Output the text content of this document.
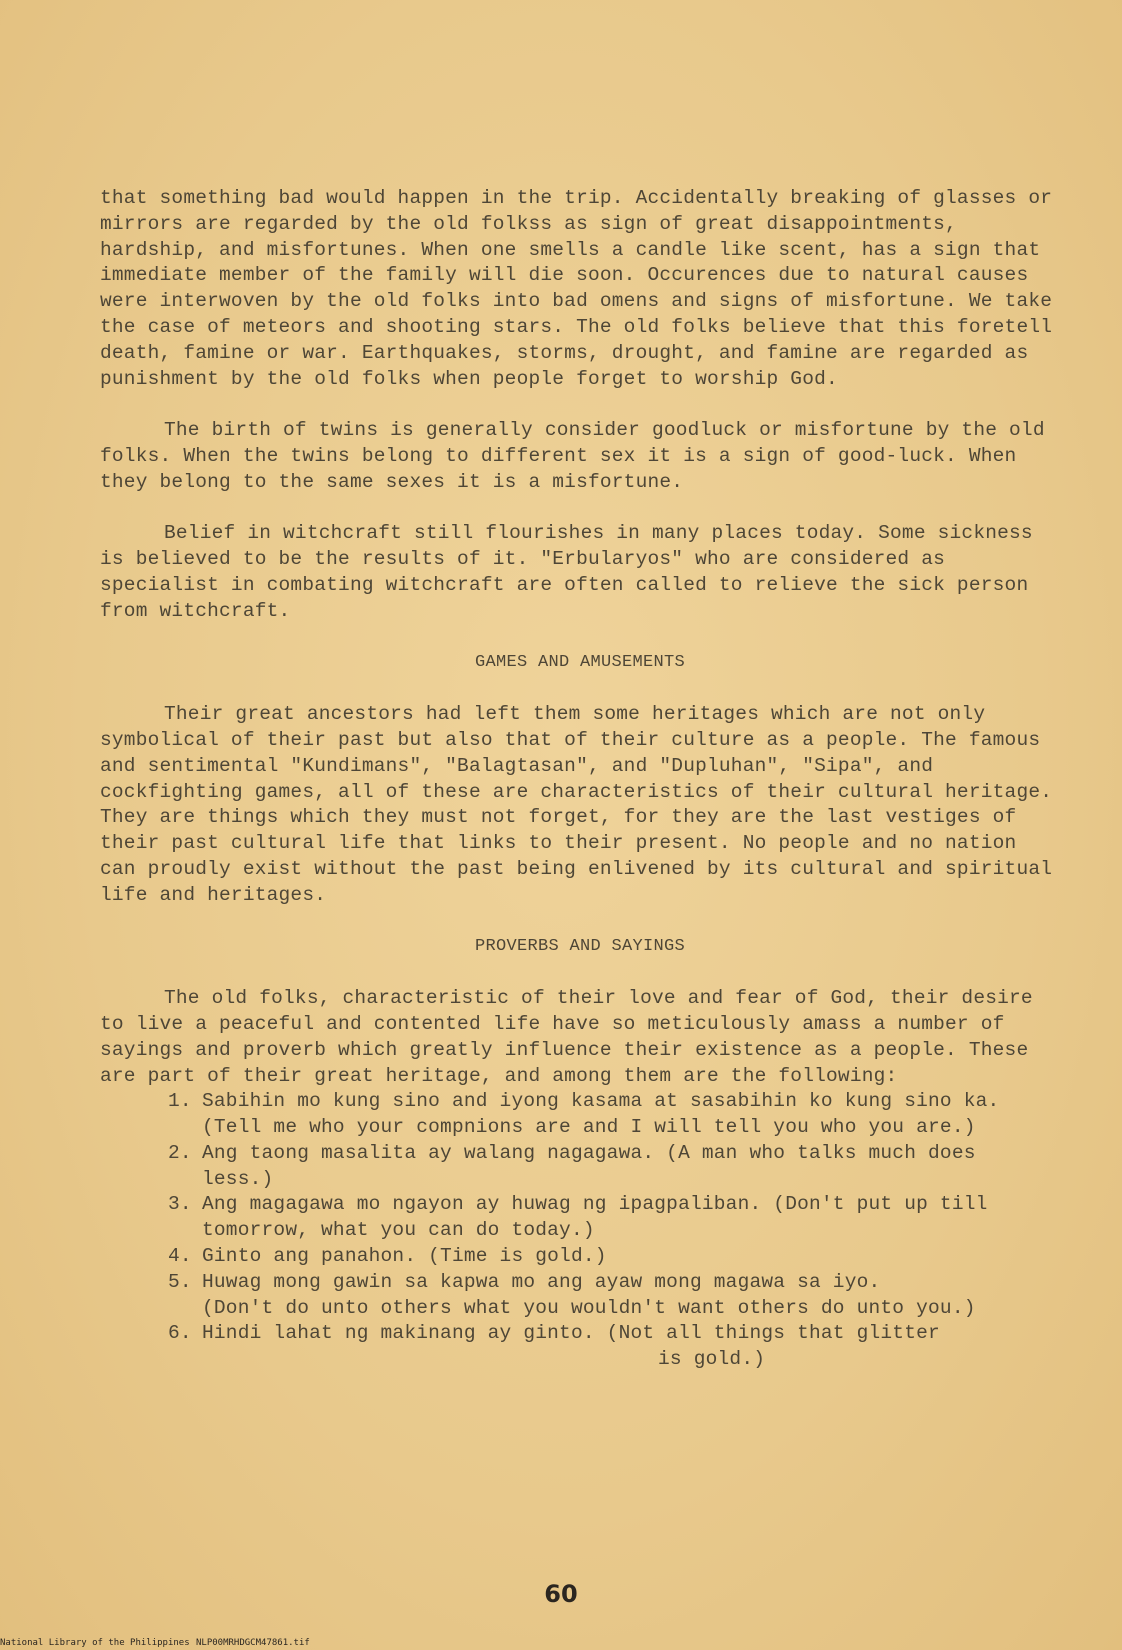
that something bad would happen in the trip. Accidentally breaking of glasses or mirrors are regarded by the old folkss as sign of great disappointments, hardship, and misfortunes. When one smells a candle like scent, has a sign that immediate member of the family will die soon. Occurences due to natural causes were interwoven by the old folks into bad omens and signs of misfortune. We take the case of meteors and shooting stars. The old folks believe that this foretell death, famine or war. Earthquakes, storms, drought, and famine are regarded as punishment by the old folks when people forget to worship God.

The birth of twins is generally consider goodluck or misfortune by the old folks. When the twins belong to different sex it is a sign of good-luck. When they belong to the same sexes it is a misfortune.

Belief in witchcraft still flourishes in many places today. Some sickness is believed to be the results of it. "Erbularyos" who are considered as specialist in combating witchcraft are often called to relieve the sick person from witchcraft.

GAMES AND AMUSEMENTS

Their great ancestors had left them some heritages which are not only symbolical of their past but also that of their culture as a people. The famous and sentimental "Kundimans", "Balagtasan", and "Dupluhan", "Sipa", and cockfighting games, all of these are characteristics of their cultural heritage. They are things which they must not forget, for they are the last vestiges of their past cultural life that links to their present. No people and no nation can proudly exist without the past being enlivened by its cultural and spiritual life and heritages.

PROVERBS AND SAYINGS

The old folks, characteristic of their love and fear of God, their desire to live a peaceful and contented life have so meticulously amass a number of sayings and proverb which greatly influence their existence as a people. These are part of their great heritage, and among them are the following:

1. Sabihin mo kung sino and iyong kasama at sasabihin ko kung sino ka.
(Tell me who your compnions are and I will tell you who you are.)
2. Ang taong masalita ay walang nagagawa. (A man who talks much does
less.)
3. Ang magagawa mo ngayon ay huwag ng ipagpaliban. (Don't put up till
tomorrow, what you can do today.)
4. Ginto ang panahon. (Time is gold.)
5. Huwag mong gawin sa kapwa mo ang ayaw mong magawa sa iyo.
(Don't do unto others what you wouldn't want others do unto you.)
6. Hindi lahat ng makinang ay ginto. (Not all things that glitter
is gold.)
60
National Library of the Philippines NLP00MRHDGCM47861.tif
